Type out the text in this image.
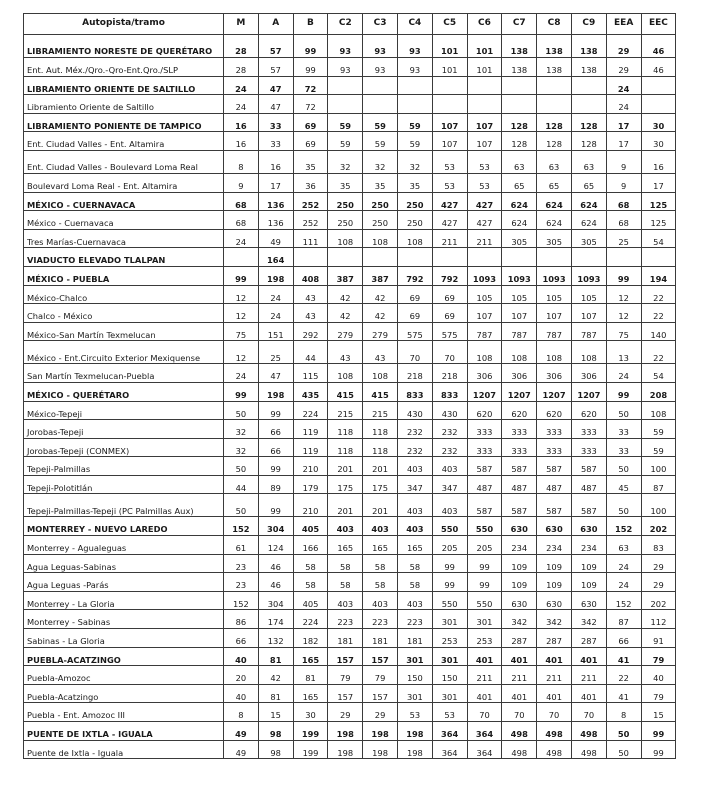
Autopista/tramo	M	A	B	C2	C3	C4	C5	C6	C7	C8	C9	EEA	EEC
LIBRAMIENTO NORESTE DE QUERÉTARO	28	57	99	93	93	93	101	101	138	138	138	29	46
Ent. Aut. Méx./Qro.-Qro-Ent.Qro./SLP	28	57	99	93	93	93	101	101	138	138	138	29	46
LIBRAMIENTO ORIENTE DE SALTILLO	24	47	72									24	
Libramiento Oriente de Saltillo	24	47	72									24	
LIBRAMIENTO PONIENTE DE TAMPICO	16	33	69	59	59	59	107	107	128	128	128	17	30
Ent. Ciudad Valles - Ent. Altamira	16	33	69	59	59	59	107	107	128	128	128	17	30
Ent. Ciudad Valles - Boulevard Loma Real	8	16	35	32	32	32	53	53	63	63	63	9	16
Boulevard Loma Real - Ent. Altamira	9	17	36	35	35	35	53	53	65	65	65	9	17
MÉXICO - CUERNAVACA	68	136	252	250	250	250	427	427	624	624	624	68	125
México - Cuernavaca	68	136	252	250	250	250	427	427	624	624	624	68	125
Tres Marías-Cuernavaca	24	49	111	108	108	108	211	211	305	305	305	25	54
VIADUCTO ELEVADO TLALPAN		164											
MÉXICO - PUEBLA	99	198	408	387	387	792	792	1093	1093	1093	1093	99	194
México-Chalco	12	24	43	42	42	69	69	105	105	105	105	12	22
Chalco - México	12	24	43	42	42	69	69	107	107	107	107	12	22
México-San Martín Texmelucan	75	151	292	279	279	575	575	787	787	787	787	75	140
México - Ent.Circuito Exterior Mexiquense	12	25	44	43	43	70	70	108	108	108	108	13	22
San Martín Texmelucan-Puebla	24	47	115	108	108	218	218	306	306	306	306	24	54
MÉXICO - QUERÉTARO	99	198	435	415	415	833	833	1207	1207	1207	1207	99	208
México-Tepeji	50	99	224	215	215	430	430	620	620	620	620	50	108
Jorobas-Tepeji	32	66	119	118	118	232	232	333	333	333	333	33	59
Jorobas-Tepeji (CONMEX)	32	66	119	118	118	232	232	333	333	333	333	33	59
Tepeji-Palmillas	50	99	210	201	201	403	403	587	587	587	587	50	100
Tepeji-Polotitlán	44	89	179	175	175	347	347	487	487	487	487	45	87
Tepeji-Palmillas-Tepeji (PC Palmillas Aux)	50	99	210	201	201	403	403	587	587	587	587	50	100
MONTERREY - NUEVO LAREDO	152	304	405	403	403	403	550	550	630	630	630	152	202
Monterrey - Agualeguas	61	124	166	165	165	165	205	205	234	234	234	63	83
Agua Leguas-Sabinas	23	46	58	58	58	58	99	99	109	109	109	24	29
Agua Leguas -Parás	23	46	58	58	58	58	99	99	109	109	109	24	29
Monterrey - La Gloria	152	304	405	403	403	403	550	550	630	630	630	152	202
Monterrey - Sabinas	86	174	224	223	223	223	301	301	342	342	342	87	112
Sabinas - La Gloria	66	132	182	181	181	181	253	253	287	287	287	66	91
PUEBLA-ACATZINGO	40	81	165	157	157	301	301	401	401	401	401	41	79
Puebla-Amozoc	20	42	81	79	79	150	150	211	211	211	211	22	40
Puebla-Acatzingo	40	81	165	157	157	301	301	401	401	401	401	41	79
Puebla - Ent. Amozoc III	8	15	30	29	29	53	53	70	70	70	70	8	15
PUENTE DE IXTLA - IGUALA	49	98	199	198	198	198	364	364	498	498	498	50	99
Puente de Ixtla - Iguala	49	98	199	198	198	198	364	364	498	498	498	50	99
